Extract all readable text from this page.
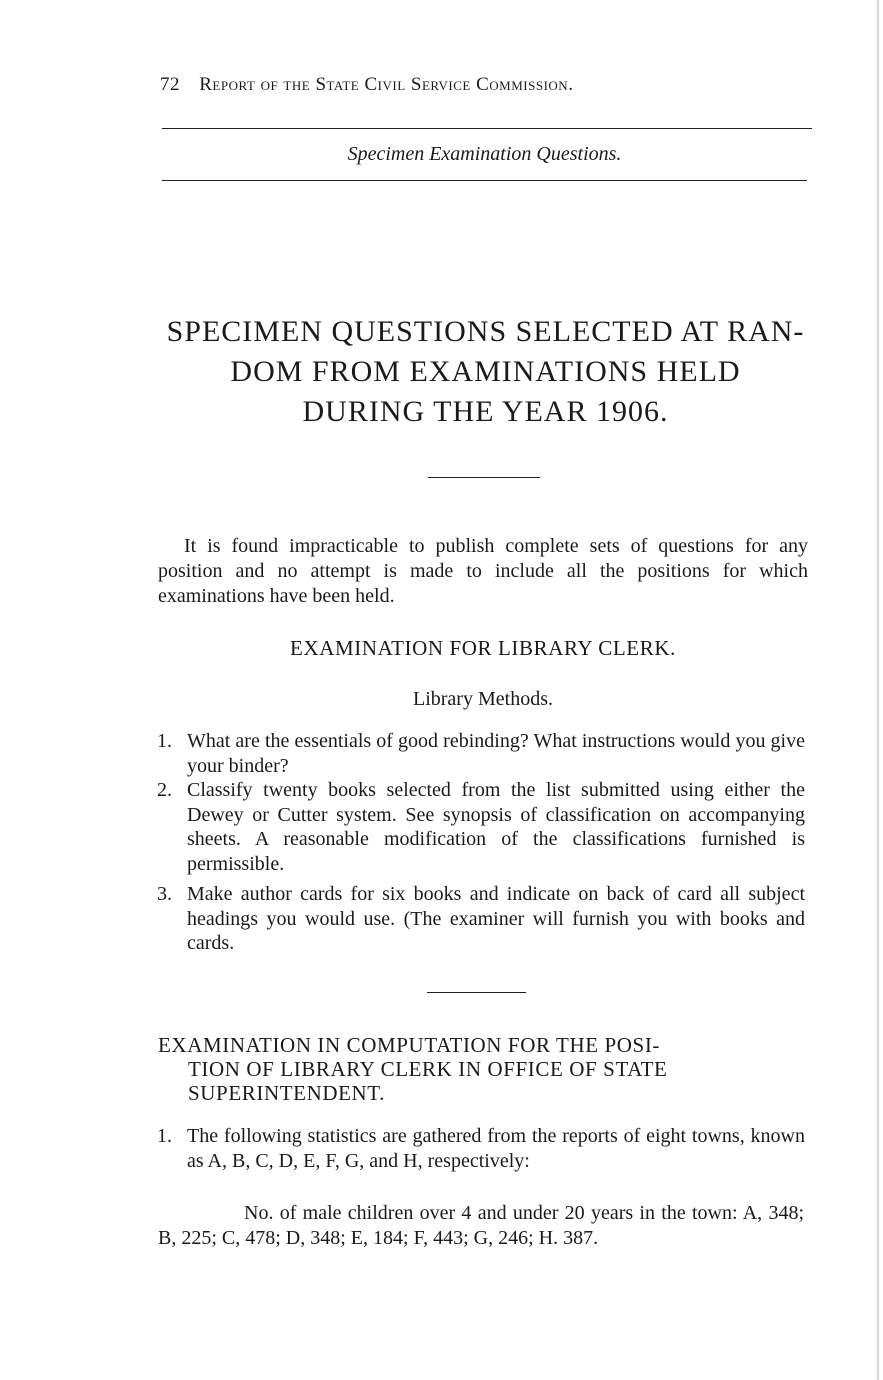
72 Report of the State Civil Service Commission.
Specimen Examination Questions.
SPECIMEN QUESTIONS SELECTED AT RAN-
DOM FROM EXAMINATIONS HELD
DURING THE YEAR 1906.
It is found impracticable to publish complete sets of questions for any position and no attempt is made to include all the positions for which examinations have been held.
EXAMINATION FOR LIBRARY CLERK.
Library Methods.
1. What are the essentials of good rebinding? What instructions would you give your binder?
2. Classify twenty books selected from the list submitted using either the Dewey or Cutter system. See synopsis of classification on accompanying sheets. A reasonable modification of the classifications furnished is permissible.
3. Make author cards for six books and indicate on back of card all subject headings you would use. (The examiner will furnish you with books and cards.
EXAMINATION IN COMPUTATION FOR THE POSI-
TION OF LIBRARY CLERK IN OFFICE OF STATE SUPERINTENDENT.
1. The following statistics are gathered from the reports of eight towns, known as A, B, C, D, E, F, G, and H, respectively:
No. of male children over 4 and under 20 years in the town: A, 348; B, 225; C, 478; D, 348; E, 184; F, 443; G, 246; H. 387.
